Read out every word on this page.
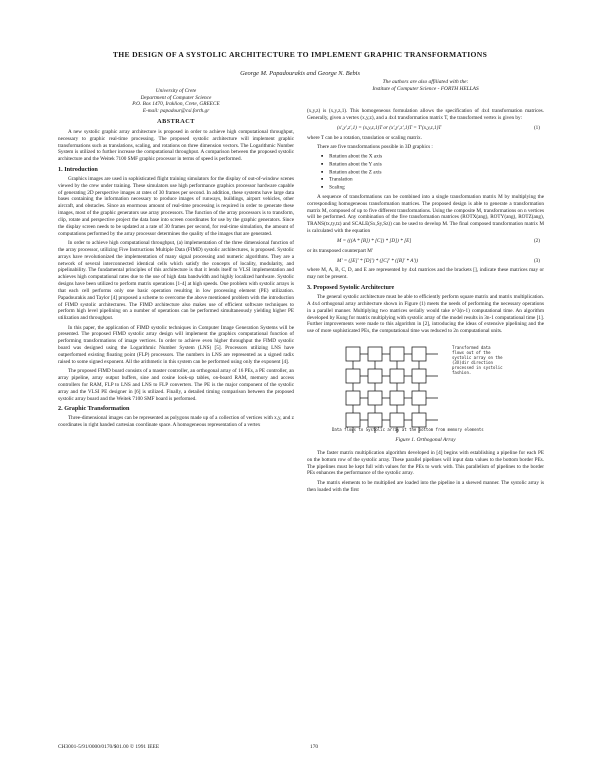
THE DESIGN OF A SYSTOLIC ARCHITECTURE TO IMPLEMENT GRAPHIC TRANSFORMATIONS
George M. Papadourakis and George N. Bebis
University of Crete
Department of Computer Science
P.O. Box 1470, Iraklion, Crete, GREECE
E-mail: papadour@csi.forth.gr
ABSTRACT

A new systolic graphic array architecture is proposed in order to achieve high computational throughput, necessary to graphic real-time processing. The proposed systolic architecture will implement graphic transformations such as translations, scaling, and rotations on three dimension vectors. The Logarithmic Number System is utilized to further increase the computational throughput. A comparison between the proposed systolic architecture and the Weitek 7100 SMF graphic processor in terms of speed is performed.

1. Introduction

Graphics images are used in sophisticated flight training simulators for the display of out-of-window scenes viewed by the crew under training. These simulators use high performance graphics processor hardware capable of generating 2D perspective images at rates of 30 frames per second. In addition, these systems have large data bases containing the information necessary to produce images of runways, buildings, airport vehicles, other aircraft, and obstacles. Since an enormous amount of real-time processing is required in order to generate these images, most of the graphic generators use array processors. The function of the array processors is to transform, clip, rotate and perspective project the data base into screen coordinates for use by the graphic generators. Since the display screen needs to be updated at a rate of 30 frames per second, for real-time simulation, the amount of computations performed by the array processor determines the quality of the images that are generated.

In order to achieve high computational throughput, (a) implementation of the three dimensional function of the array processor, utilizing Five Instructions Multiple Data (FIMD) systolic architectures, is proposed. Systolic arrays have revolutionized the implementation of many signal processing and numeric algorithms. They are a network of several interconnected identical cells which satisfy the concepts of locality, modularity, and pipelinability. The fundamental principles of this architecture is that it lends itself to VLSI implementation and achieves high computational rates due to the use of high data bandwidth and highly localized hardware. Systolic designs have been utilized to perform matrix operations [1-4] at high speeds. One problem with systolic arrays is that each cell performs only one basic operation resulting in low processing element (PE) utilization. Papadourakis and Taylor [4] proposed a scheme to overcome the above mentioned problem with the introduction of FIMD systolic architectures. The FIMD architecture also makes use of efficient software techniques to perform high level pipelining on a number of operations can be performed simultaneously yielding higher PE utilization and throughput.

In this paper, the application of FIMD systolic techniques in Computer Image Generation Systems will be presented. The proposed FIMD systolic array design will implement the graphics computational function of performing transformations of image vertices. In order to achieve even higher throughput the FIMD systolic board was designed using the Logarithmic Number System (LNS) [5]. Processors utilizing LNS have outperformed existing floating point (FLP) processors. The numbers in LNS are represented as a signed radix raised to some signed exponent. All the arithmetic in this system can be performed using only the exponent [4].

The proposed FIMD board consists of a master controller, an orthogonal array of 16 PEs, a PE controller, an array pipeline, array output buffers, sine and cosine look-up tables, on-board RAM, memory and access controllers for RAM, FLP to LNS and LNS to FLP converters. The PE is the major component of the systolic array and the VLSI PE designer in [6] is utilized. Finally, a detailed timing comparison between the proposed systolic array board and the Weitek 7100 SMF board is performed.

2. Graphic Transformation

Three-dimensional images can be represented as polygons made up of a collection of vertices with x,y, and z coordinates in right handed cartesian coordinate space. A homogeneous representation of a vertex

The authors are also affiliated with the:
Institute of Computer Science - FORTH HELLAS

(x,y,z) is (x,y,z,1). This homogeneous formulation allows the specification of 4x4 transformation matrices. Generally, given a vertex (x,y,z), and a 4x4 transformation matrix T, the transformed vertex is given by:

(x',y',z',1) = (x,y,z,1)T or (x',y',z',1)T = T'(x,y,z,1)T	(1)

where T can be a rotation, translation or scaling matrix.

There are five transformations possible in 3D graphics :

■ Rotation about the X axis
■ Rotation about the Y axis
■ Rotation about the Z axis
■ Translation
■ Scaling

A sequence of transformations can be combined into a single transformation matrix M by multiplying the corresponding homogeneous transformation matrices. The proposed design is able to generate a transformation matrix M, composed of up to five different transformations. Using the composite M, transformations on n vertices will be performed. Any combination of the five transformation matrices (ROTX(ang), ROTY(ang), ROTZ(ang), TRANS(tx,ty,tz) and SCALE(Sx,Sy,Sz)) can be used to develop M. The final composed transformation matrix M is calculated with the equation

M = (((A * [B]) * [C]) * [D]) * [E]	(2)

or its transposed counterpart M'

M' = ([E]' * [D]') * ([C]' * ([B]' * A'))	(3)

where M, A, B, C, D, and E are represented by 4x4 matrices and the brackets [], indicate these matrices may or may not be present.

3. Proposed Systolic Architecture

The general systolic architecture must be able to efficiently perform square matrix and matrix multiplication. A 4x4 orthogonal array architecture shown in Figure (1) meets the needs of performing the necessary operations in a parallel manner. Multiplying two matrices serially would take n^3(n-1) computational time. An algorithm developed by Kung for matrix multiplying with systolic array of the model results in 3n-1 computational time [1]. Further improvements were made to this algorithm in [2], introducing the ideas of extensive pipelining and the use of more sophisticated PEs, the computational time was reduced to 2n computational units.

Transformed data flows out of the systolic array on the (3X)dir direction processed in systolic fashion.
Data flows to Systolic array at the bottom from memory elements
Figure 1. Orthogonal Array

The faster matrix multiplication algorithm developed in [4] begins with establishing a pipeline for each PE on the bottom row of the systolic array. These parallel pipelines will input data values to the bottom border PEs. The pipelines must be kept full with values for the PEs to work with. This parallelism of pipelines to the border PEs enhances the performance of the systolic array.

The matrix elements to be multiplied are loaded into the pipeline in a skewed manner. The systolic array is then loaded with the first

CH3001-5/91/0000/0170/$01.00 © 1991 IEEE	170
